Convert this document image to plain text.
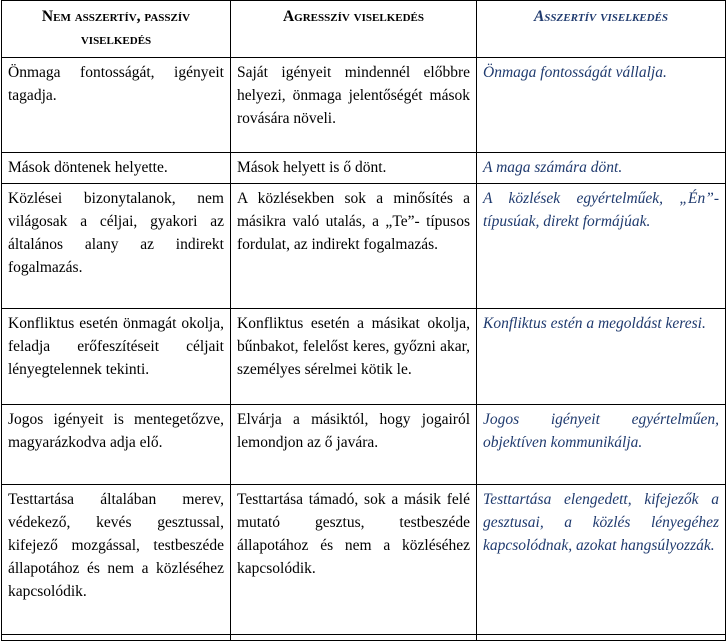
Nem asszertív, passzív viselkedés	Agresszív viselkedés	Asszertív viselkedés
Önmaga fontosságát, igényeit tagadja.	Saját igényeit mindennél előbbre helyezi, önmaga jelentőségét mások rovására növeli.	Önmaga fontosságát vállalja.
Mások döntenek helyette.	Mások helyett is ő dönt.	A maga számára dönt.
Közlései bizonytalanok, nem világosak a céljai, gyakori az általános alany az indirekt fogalmazás.	A közlésekben sok a minősítés a másikra való utalás, a „Te”- típusos fordulat, az indirekt fogalmazás.	A közlések egyértelműek, „Én”- típusúak, direkt formájúak.
Konfliktus esetén önmagát okolja, feladja erőfeszítéseit céljait lényegtelennek tekinti.	Konfliktus esetén a másikat okolja, bűnbakot, felelőst keres, győzni akar, személyes sérelmei kötik le.	Konfliktus estén a megoldást keresi.
Jogos igényeit is mentegetőzve, magyarázkodva adja elő.	Elvárja a másiktól, hogy jogairól lemondjon az ő javára.	Jogos igényeit egyértelműen, objektíven kommunikálja.
Testtartása általában merev, védekező, kevés gesztussal, kifejező mozgással, testbeszéde állapotához és nem a közléséhez kapcsolódik.	Testtartása támadó, sok a másik felé mutató gesztus, testbeszéde állapotához és nem a közléséhez kapcsolódik.	Testtartása elengedett, kifejezők a gesztusai, a közlés lényegéhez kapcsolódnak, azokat hangsúlyozzák.
